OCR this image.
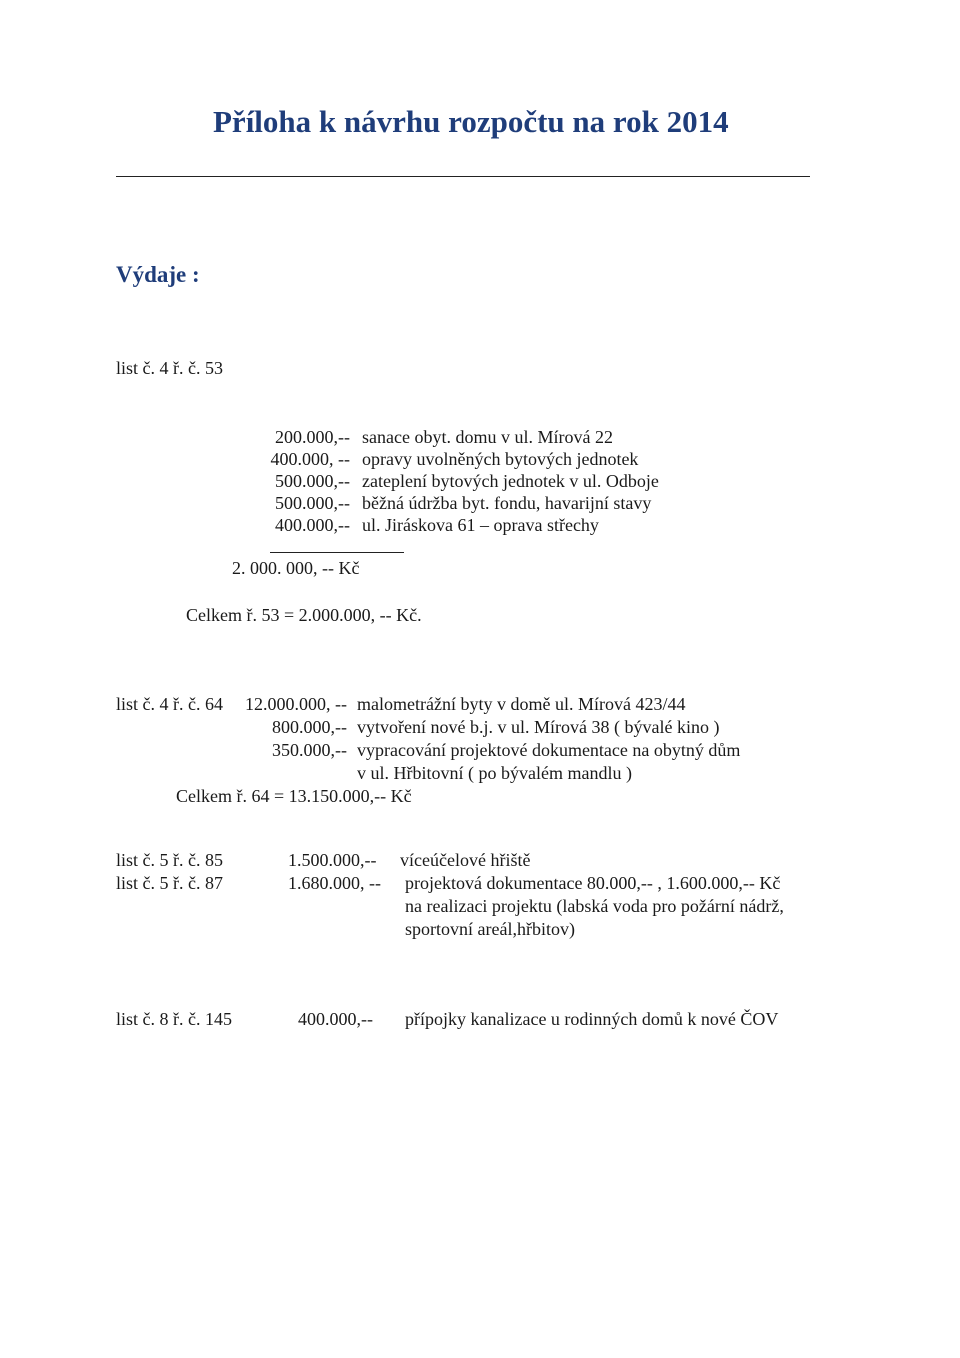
Příloha k návrhu rozpočtu na rok 2014
Výdaje :
list č. 4 ř. č. 53
200.000,-- sanace obyt. domu v ul. Mírová 22
400.000, -- opravy uvolněných bytových jednotek
500.000,-- zateplení bytových jednotek v ul. Odboje
500.000,-- běžná údržba byt. fondu, havarijní stavy
400.000,-- ul. Jiráskova 61 – oprava střechy
2. 000. 000, -- Kč
Celkem ř. 53 = 2.000.000, -- Kč.
list č. 4 ř. č. 64	12.000.000, -- malometrážní byty v domě ul. Mírová 423/44
800.000,-- vytvoření nové b.j. v ul. Mírová 38 ( bývalé kino )
350.000,-- vypracování projektové dokumentace na obytný dům
v ul. Hřbitovní ( po bývalém mandlu )
Celkem ř. 64 = 13.150.000,-- Kč
list č. 5 ř. č. 85	1.500.000,-- víceúčelové hřiště
list č. 5 ř. č. 87	1.680.000, -- projektová dokumentace 80.000,-- , 1.600.000,-- Kč
na realizaci projektu (labská voda pro požární nádrž,
sportovní areál,hřbitov)
list č. 8 ř. č. 145	400.000,-- přípojky kanalizace u rodinných domů k nové ČOV
